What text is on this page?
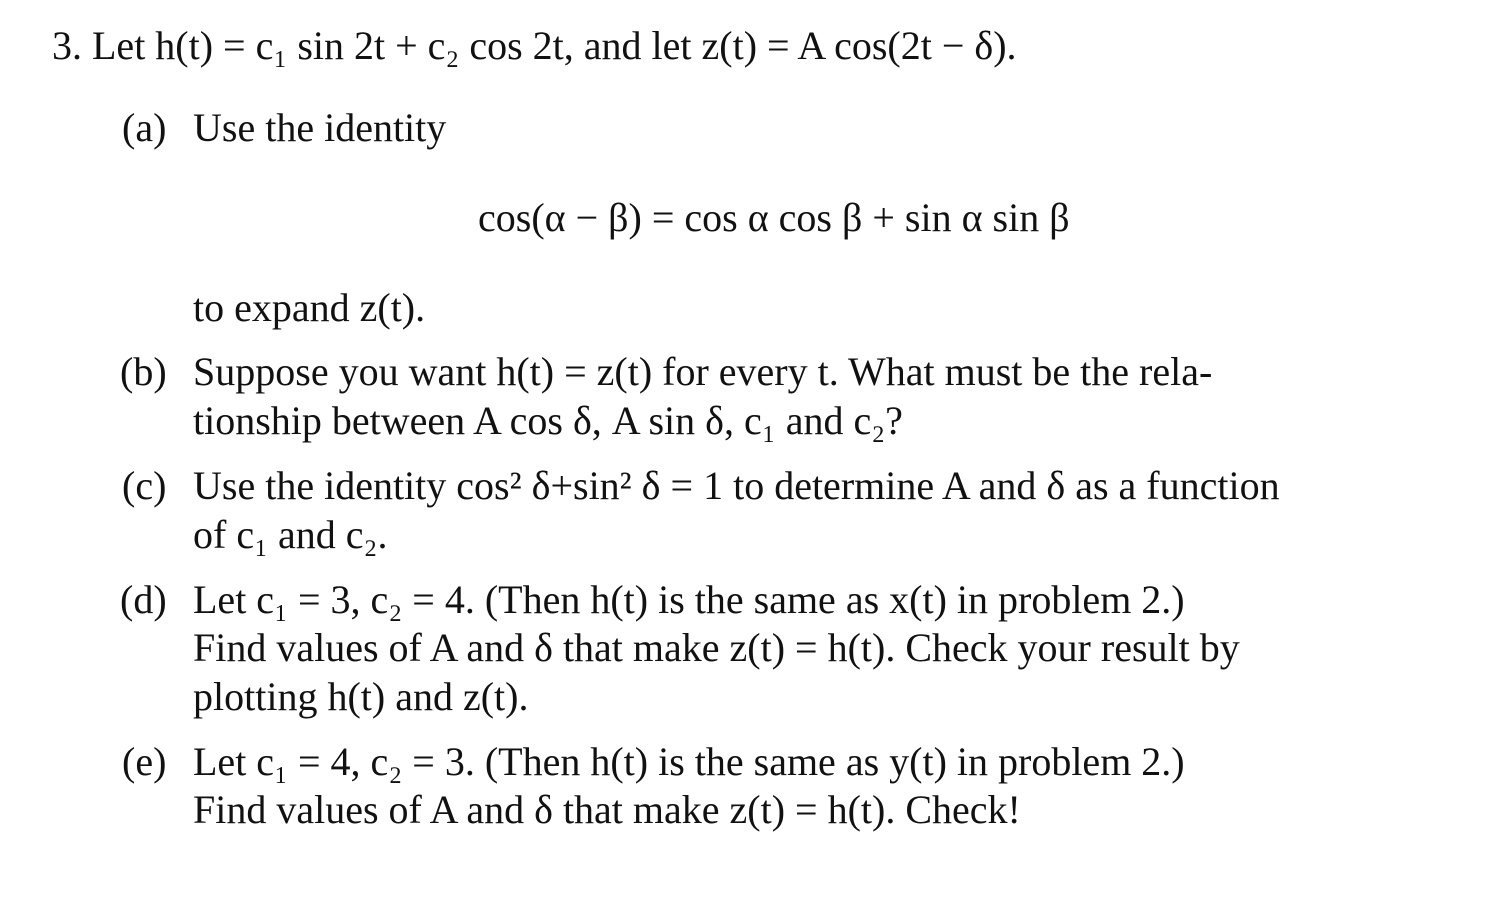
3. Let h(t) = c₁ sin 2t + c₂ cos 2t, and let z(t) = A cos(2t − δ).
(a) Use the identity
cos(α − β) = cos α cos β + sin α sin β
to expand z(t).
(b) Suppose you want h(t) = z(t) for every t. What must be the rela-
tionship between A cos δ, A sin δ, c₁ and c₂?
(c) Use the identity cos² δ+sin² δ = 1 to determine A and δ as a function
of c₁ and c₂.
(d) Let c₁ = 3, c₂ = 4. (Then h(t) is the same as x(t) in problem 2.)
Find values of A and δ that make z(t) = h(t). Check your result by
plotting h(t) and z(t).
(e) Let c₁ = 4, c₂ = 3. (Then h(t) is the same as y(t) in problem 2.)
Find values of A and δ that make z(t) = h(t). Check!
